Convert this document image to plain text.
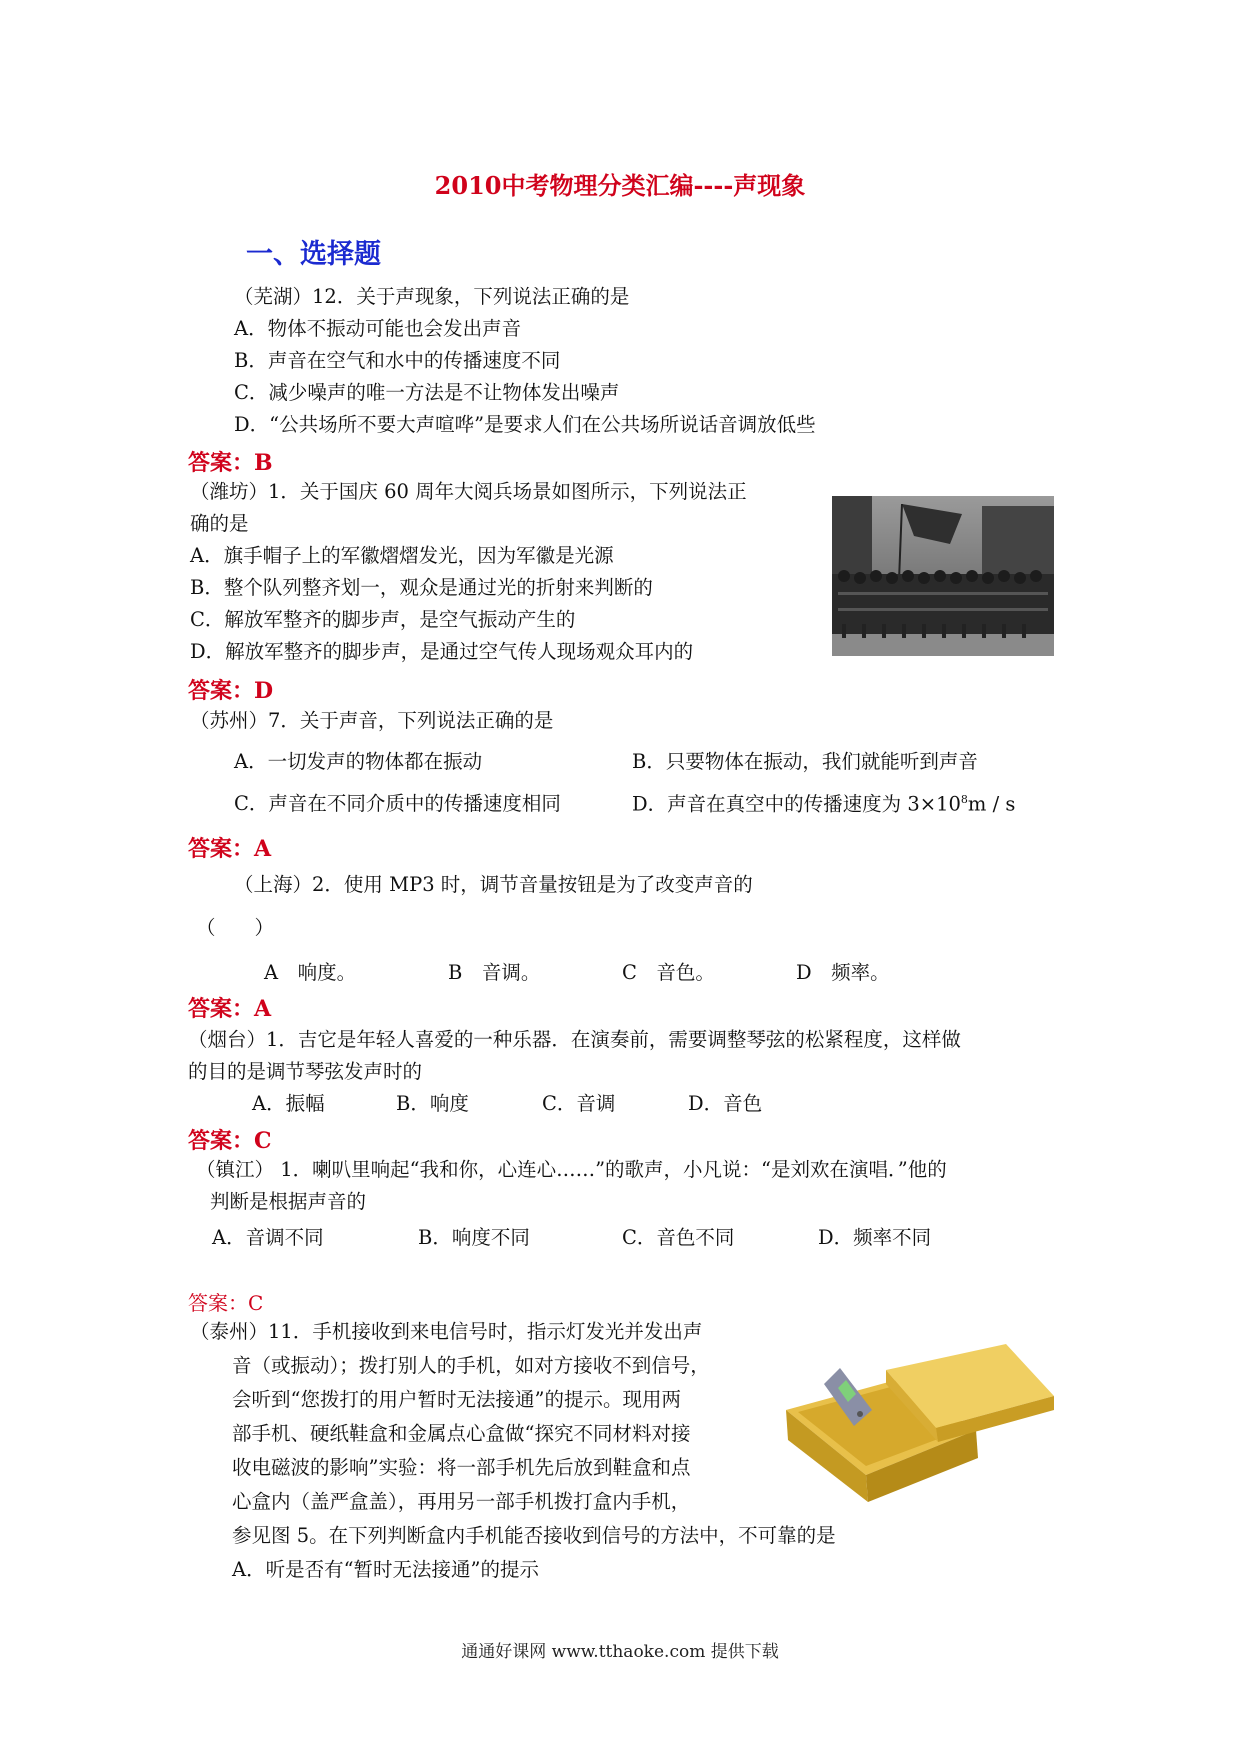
2010中考物理分类汇编----声现象
一、选择题
（芜湖）12．关于声现象，下列说法正确的是
A．物体不振动可能也会发出声音
B．声音在空气和水中的传播速度不同
C．减少噪声的唯一方法是不让物体发出噪声
D．“公共场所不要大声喧哗”是要求人们在公共场所说话音调放低些
答案：B
（潍坊）1．关于国庆 60 周年大阅兵场景如图所示，下列说法正
确的是
A．旗手帽子上的军徽熠熠发光，因为军徽是光源
B．整个队列整齐划一，观众是通过光的折射来判断的
C．解放军整齐的脚步声，是空气振动产生的
D．解放军整齐的脚步声，是通过空气传人现场观众耳内的
答案：D
（苏州）7．关于声音，下列说法正确的是
A．一切发声的物体都在振动	B．只要物体在振动，我们就能听到声音
C．声音在不同介质中的传播速度相同	D．声音在真空中的传播速度为 $3\times 10^8m / s$
答案：A
（上海）2．使用 MP3 时，调节音量按钮是为了改变声音的
（　　）
A　响度。	B　音调。	C　音色。	D　频率。
答案：A
（烟台）1．吉它是年轻人喜爱的一种乐器．在演奏前，需要调整琴弦的松紧程度，这样做
的目的是调节琴弦发声时的
A．振幅	B．响度	C．音调	D．音色
答案：C
（镇江） 1．喇叭里响起“我和你，心连心……”的歌声，小凡说：“是刘欢在演唱．”他的
判断是根据声音的
A．音调不同	B．响度不同	C．音色不同	D．频率不同
答案：C
（泰州）11．手机接收到来电信号时，指示灯发光并发出声
音（或振动）；拨打别人的手机，如对方接收不到信号，
会听到“您拨打的用户暂时无法接通”的提示。现用两
部手机、硬纸鞋盒和金属点心盒做“探究不同材料对接
收电磁波的影响”实验：将一部手机先后放到鞋盒和点
心盒内（盖严盒盖），再用另一部手机拨打盒内手机，
参见图 5。在下列判断盒内手机能否接收到信号的方法中，不可靠的是
A．听是否有“暂时无法接通”的提示
通通好课网 www.tthaoke.com 提供下载
